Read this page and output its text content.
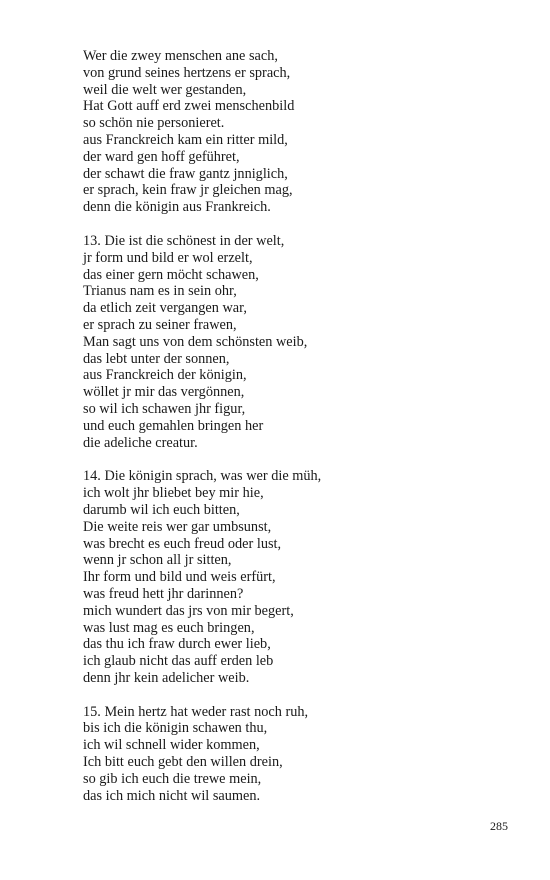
Wer die zwey menschen ane sach,
von grund seines hertzens er sprach,
weil die welt wer gestanden,
Hat Gott auff erd zwei menschenbild
so schön nie personieret.
aus Franckreich kam ein ritter mild,
der ward gen hoff geführet,
der schawt die fraw gantz jnniglich,
er sprach, kein fraw jr gleichen mag,
denn die königin aus Frankreich.
13. Die ist die schönest in der welt,
jr form und bild er wol erzelt,
das einer gern möcht schawen,
Trianus nam es in sein ohr,
da etlich zeit vergangen war,
er sprach zu seiner frawen,
Man sagt uns von dem schönsten weib,
das lebt unter der sonnen,
aus Franckreich der königin,
wöllet jr mir das vergönnen,
so wil ich schawen jhr figur,
und euch gemahlen bringen her
die adeliche creatur.
14. Die königin sprach, was wer die müh,
ich wolt jhr bliebet bey mir hie,
darumb wil ich euch bitten,
Die weite reis wer gar umbsunst,
was brecht es euch freud oder lust,
wenn jr schon all jr sitten,
Ihr form und bild und weis erfürt,
was freud hett jhr darinnen?
mich wundert das jrs von mir begert,
was lust mag es euch bringen,
das thu ich fraw durch ewer lieb,
ich glaub nicht das auff erden leb
denn jhr kein adelicher weib.
15. Mein hertz hat weder rast noch ruh,
bis ich die königin schawen thu,
ich wil schnell wider kommen,
Ich bitt euch gebt den willen drein,
so gib ich euch die trewe mein,
das ich mich nicht wil saumen.
285
